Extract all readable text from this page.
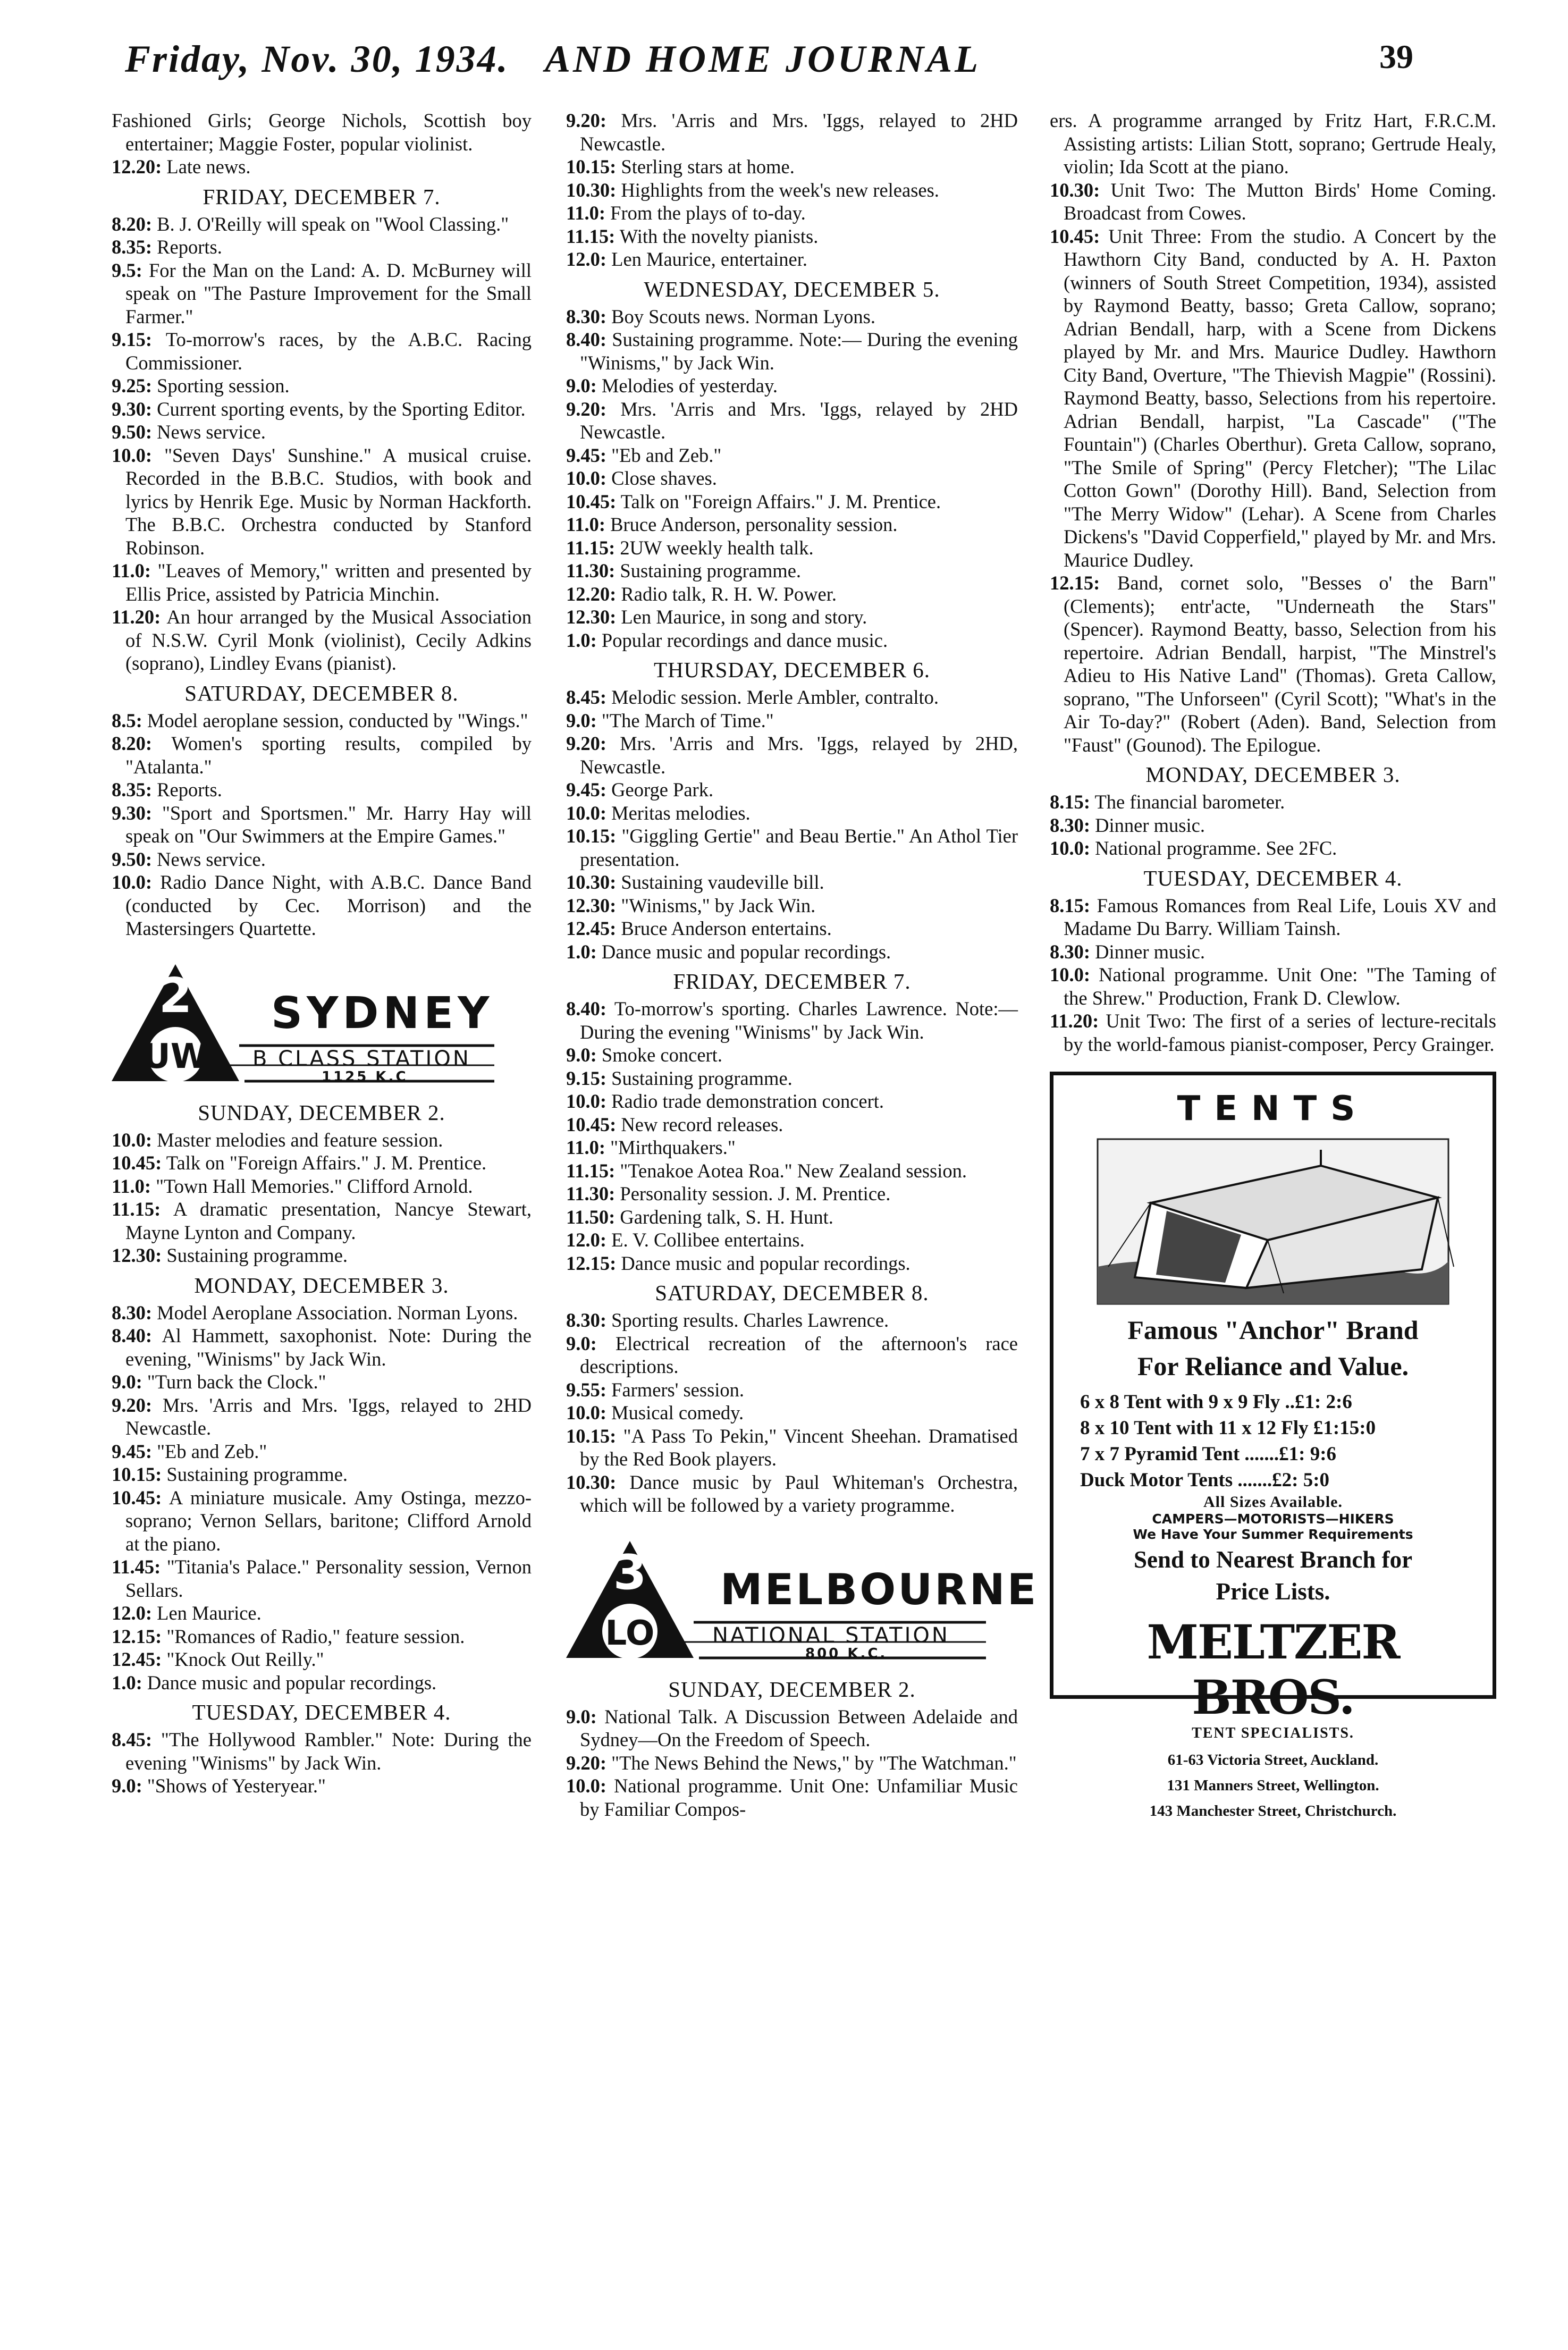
Friday, Nov. 30, 1934. AND HOME JOURNAL	39

Fashioned Girls; George Nichols, Scottish boy entertainer; Maggie Foster, popular violinist.

12.20: Late news.

FRIDAY, DECEMBER 7.

8.20: B. J. O'Reilly will speak on "Wool Classing."

8.35: Reports.

9.5: For the Man on the Land: A. D. McBurney will speak on "The Pasture Improvement for the Small Farmer."

9.15: To-morrow's races, by the A.B.C. Racing Commissioner.

9.25: Sporting session.

9.30: Current sporting events, by the Sporting Editor.

9.50: News service.

10.0: "Seven Days' Sunshine." A musical cruise. Recorded in the B.B.C. Studios, with book and lyrics by Henrik Ege. Music by Norman Hackforth. The B.B.C. Orchestra conducted by Stanford Robinson.

11.0: "Leaves of Memory," written and presented by Ellis Price, assisted by Patricia Minchin.

11.20: An hour arranged by the Musical Association of N.S.W. Cyril Monk (violinist), Cecily Adkins (soprano), Lindley Evans (pianist).

SATURDAY, DECEMBER 8.

8.5: Model aeroplane session, conducted by "Wings."

8.20: Women's sporting results, compiled by "Atalanta."

8.35: Reports.

9.30: "Sport and Sportsmen." Mr. Harry Hay will speak on "Our Swimmers at the Empire Games."

9.50: News service.

10.0: Radio Dance Night, with A.B.C. Dance Band (conducted by Cec. Morrison) and the Mastersingers Quartette.

2
UW
SYDNEY
B CLASS STATION
1125 K.C
SUNDAY, DECEMBER 2.

10.0: Master melodies and feature session.

10.45: Talk on "Foreign Affairs." J. M. Prentice.

11.0: "Town Hall Memories." Clifford Arnold.

11.15: A dramatic presentation, Nancye Stewart, Mayne Lynton and Company.

12.30: Sustaining programme.

MONDAY, DECEMBER 3.

8.30: Model Aeroplane Association. Norman Lyons.

8.40: Al Hammett, saxophonist. Note: During the evening, "Winisms" by Jack Win.

9.0: "Turn back the Clock."

9.20: Mrs. 'Arris and Mrs. 'Iggs, relayed to 2HD Newcastle.

9.45: "Eb and Zeb."

10.15: Sustaining programme.

10.45: A miniature musicale. Amy Ostinga, mezzo-soprano; Vernon Sellars, baritone; Clifford Arnold at the piano.

11.45: "Titania's Palace." Personality session, Vernon Sellars.

12.0: Len Maurice.

12.15: "Romances of Radio," feature session.

12.45: "Knock Out Reilly."

1.0: Dance music and popular recordings.

TUESDAY, DECEMBER 4.

8.45: "The Hollywood Rambler." Note: During the evening "Winisms" by Jack Win.

9.0: "Shows of Yesteryear."

9.20: Mrs. 'Arris and Mrs. 'Iggs, relayed to 2HD Newcastle.

10.15: Sterling stars at home.

10.30: Highlights from the week's new releases.

11.0: From the plays of to-day.

11.15: With the novelty pianists.

12.0: Len Maurice, entertainer.

WEDNESDAY, DECEMBER 5.

8.30: Boy Scouts news. Norman Lyons.

8.40: Sustaining programme. Note:— During the evening "Winisms," by Jack Win.

9.0: Melodies of yesterday.

9.20: Mrs. 'Arris and Mrs. 'Iggs, relayed by 2HD Newcastle.

9.45: "Eb and Zeb."

10.0: Close shaves.

10.45: Talk on "Foreign Affairs." J. M. Prentice.

11.0: Bruce Anderson, personality session.

11.15: 2UW weekly health talk.

11.30: Sustaining programme.

12.20: Radio talk, R. H. W. Power.

12.30: Len Maurice, in song and story.

1.0: Popular recordings and dance music.

THURSDAY, DECEMBER 6.

8.45: Melodic session. Merle Ambler, contralto.

9.0: "The March of Time."

9.20: Mrs. 'Arris and Mrs. 'Iggs, relayed by 2HD, Newcastle.

9.45: George Park.

10.0: Meritas melodies.

10.15: "Giggling Gertie" and Beau Bertie." An Athol Tier presentation.

10.30: Sustaining vaudeville bill.

12.30: "Winisms," by Jack Win.

12.45: Bruce Anderson entertains.

1.0: Dance music and popular recordings.

FRIDAY, DECEMBER 7.

8.40: To-morrow's sporting. Charles Lawrence. Note:—During the evening "Winisms" by Jack Win.

9.0: Smoke concert.

9.15: Sustaining programme.

10.0: Radio trade demonstration concert.

10.45: New record releases.

11.0: "Mirthquakers."

11.15: "Tenakoe Aotea Roa." New Zealand session.

11.30: Personality session. J. M. Prentice.

11.50: Gardening talk, S. H. Hunt.

12.0: E. V. Collibee entertains.

12.15: Dance music and popular recordings.

SATURDAY, DECEMBER 8.

8.30: Sporting results. Charles Lawrence.

9.0: Electrical recreation of the afternoon's race descriptions.

9.55: Farmers' session.

10.0: Musical comedy.

10.15: "A Pass To Pekin," Vincent Sheehan. Dramatised by the Red Book players.

10.30: Dance music by Paul Whiteman's Orchestra, which will be followed by a variety programme.

3
LO
MELBOURNE
NATIONAL STATION
800 K.C.
SUNDAY, DECEMBER 2.

9.0: National Talk. A Discussion Between Adelaide and Sydney—On the Freedom of Speech.

9.20: "The News Behind the News," by "The Watchman."

10.0: National programme. Unit One: Unfamiliar Music by Familiar Compos-

ers. A programme arranged by Fritz Hart, F.R.C.M. Assisting artists: Lilian Stott, soprano; Gertrude Healy, violin; Ida Scott at the piano.

10.30: Unit Two: The Mutton Birds' Home Coming. Broadcast from Cowes.

10.45: Unit Three: From the studio. A Concert by the Hawthorn City Band, conducted by A. H. Paxton (winners of South Street Competition, 1934), assisted by Raymond Beatty, basso; Greta Callow, soprano; Adrian Bendall, harp, with a Scene from Dickens played by Mr. and Mrs. Maurice Dudley. Hawthorn City Band, Overture, "The Thievish Magpie" (Rossini). Raymond Beatty, basso, Selections from his repertoire. Adrian Bendall, harpist, "La Cascade" ("The Fountain") (Charles Oberthur). Greta Callow, soprano, "The Smile of Spring" (Percy Fletcher); "The Lilac Cotton Gown" (Dorothy Hill). Band, Selection from "The Merry Widow" (Lehar). A Scene from Charles Dickens's "David Copperfield," played by Mr. and Mrs. Maurice Dudley.

12.15: Band, cornet solo, "Besses o' the Barn" (Clements); entr'acte, "Underneath the Stars" (Spencer). Raymond Beatty, basso, Selection from his repertoire. Adrian Bendall, harpist, "The Minstrel's Adieu to His Native Land" (Thomas). Greta Callow, soprano, "The Unforseen" (Cyril Scott); "What's in the Air To-day?" (Robert (Aden). Band, Selection from "Faust" (Gounod). The Epilogue.

MONDAY, DECEMBER 3.

8.15: The financial barometer.

8.30: Dinner music.

10.0: National programme. See 2FC.

TUESDAY, DECEMBER 4.

8.15: Famous Romances from Real Life, Louis XV and Madame Du Barry. William Tainsh.

8.30: Dinner music.

10.0: National programme. Unit One: "The Taming of the Shrew." Production, Frank D. Clewlow.

11.20: Unit Two: The first of a series of lecture-recitals by the world-famous pianist-composer, Percy Grainger.

TENTS
Famous "Anchor" Brand
For Reliance and Value.
6 x 8 Tent with 9 x 9 Fly ..£1: 2:6
8 x 10 Tent with 11 x 12 Fly £1:15:0
7 x 7 Pyramid Tent .......£1: 9:6
Duck Motor Tents .......£2: 5:0
All Sizes Available.
CAMPERS—MOTORISTS—HIKERS
We Have Your Summer Requirements
Send to Nearest Branch for
Price Lists.
MELTZER BROS.
TENT SPECIALISTS.
61-63 Victoria Street, Auckland.
131 Manners Street, Wellington.
143 Manchester Street, Christchurch.
